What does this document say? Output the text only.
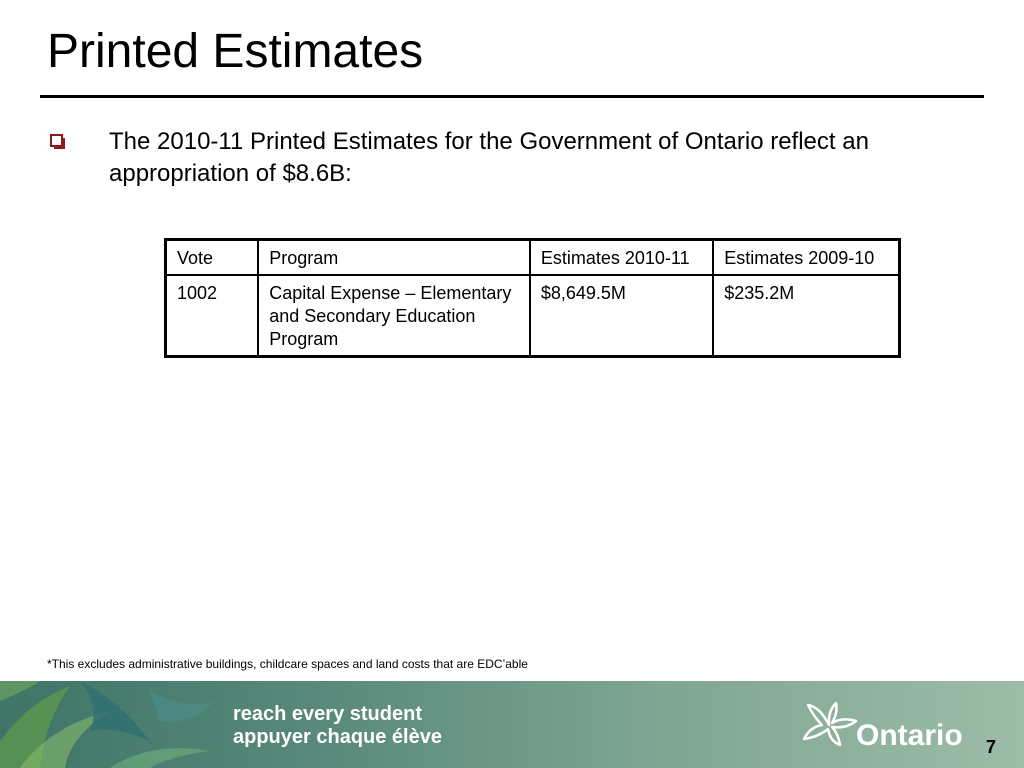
Printed Estimates
The 2010-11 Printed Estimates for the Government of Ontario reflect an appropriation of $8.6B:
Vote	Program	Estimates 2010-11	Estimates 2009-10
1002	Capital Expense – Elementary and Secondary Education Program	$8,649.5M	$235.2M
*This excludes administrative buildings, childcare spaces and land costs that are EDC’able
reach every student
appuyer chaque élève	Ontario 7
